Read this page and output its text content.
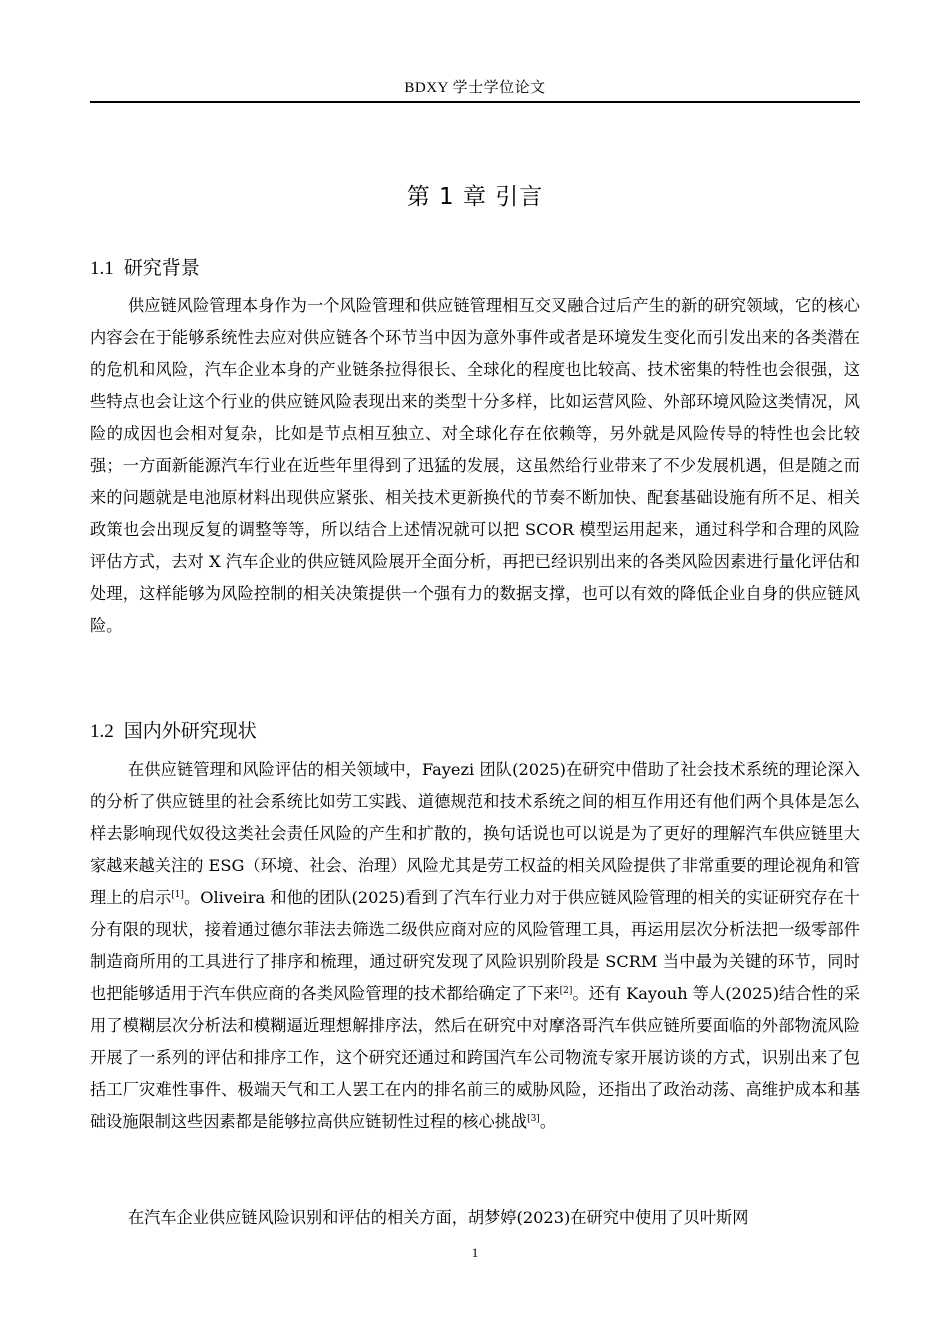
BDXY 学士学位论文
第 1 章 引言
1.1 研究背景

供应链风险管理本身作为一个风险管理和供应链管理相互交叉融合过后产生的新的研究领域，它的核心内容会在于能够系统性去应对供应链各个环节当中因为意外事件或者是环境发生变化而引发出来的各类潜在的危机和风险，汽车企业本身的产业链条拉得很长、全球化的程度也比较高、技术密集的特性也会很强，这些特点也会让这个行业的供应链风险表现出来的类型十分多样，比如运营风险、外部环境风险这类情况，风险的成因也会相对复杂，比如是节点相互独立、对全球化存在依赖等，另外就是风险传导的特性也会比较强；一方面新能源汽车行业在近些年里得到了迅猛的发展，这虽然给行业带来了不少发展机遇，但是随之而来的问题就是电池原材料出现供应紧张、相关技术更新换代的节奏不断加快、配套基础设施有所不足、相关政策也会出现反复的调整等等，所以结合上述情况就可以把 SCOR 模型运用起来，通过科学和合理的风险评估方式，去对 X 汽车企业的供应链风险展开全面分析，再把已经识别出来的各类风险因素进行量化评估和处理，这样能够为风险控制的相关决策提供一个强有力的数据支撑，也可以有效的降低企业自身的供应链风险。

1.2 国内外研究现状

在供应链管理和风险评估的相关领域中，Fayezi 团队(2025)在研究中借助了社会技术系统的理论深入的分析了供应链里的社会系统比如劳工实践、道德规范和技术系统之间的相互作用还有他们两个具体是怎么样去影响现代奴役这类社会责任风险的产生和扩散的，换句话说也可以说是为了更好的理解汽车供应链里大家越来越关注的 ESG（环境、社会、治理）风险尤其是劳工权益的相关风险提供了非常重要的理论视角和管理上的启示[1]。Oliveira 和他的团队(2025)看到了汽车行业力对于供应链风险管理的相关的实证研究存在十分有限的现状，接着通过德尔菲法去筛选二级供应商对应的风险管理工具，再运用层次分析法把一级零部件制造商所用的工具进行了排序和梳理，通过研究发现了风险识别阶段是 SCRM 当中最为关键的环节，同时也把能够适用于汽车供应商的各类风险管理的技术都给确定了下来[2]。还有 Kayouh 等人(2025)结合性的采用了模糊层次分析法和模糊逼近理想解排序法，然后在研究中对摩洛哥汽车供应链所要面临的外部物流风险开展了一系列的评估和排序工作，这个研究还通过和跨国汽车公司物流专家开展访谈的方式，识别出来了包括工厂灾难性事件、极端天气和工人罢工在内的排名前三的威胁风险，还指出了政治动荡、高维护成本和基础设施限制这些因素都是能够拉高供应链韧性过程的核心挑战[3]。

在汽车企业供应链风险识别和评估的相关方面，胡梦婷(2023)在研究中使用了贝叶斯网

1
